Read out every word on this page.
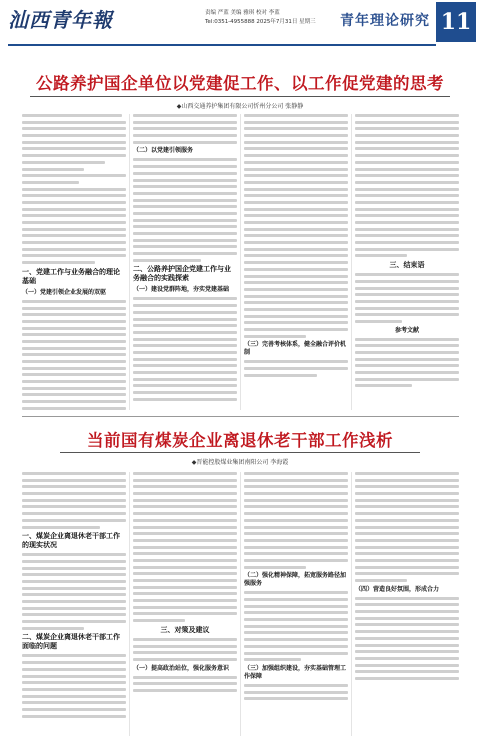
汕西青年報	责编 严蓝 美编 雅琪 校对 李蓝
Tel:0351-4955888 2025年7月31日 星期三 青年理论研究 11
公路养护国企单位以党建促工作、以工作促党建的思考
◆山西交通养护集团有限公司忻州分公司 张静静
一、党建工作与业务融合的理论基础
（一）党建引领企业发展的双驱
（二）以党建引领服务
二、公路养护国企党建工作与业务融合的实践探索
（一）建设党群阵地，夯实党建基础
（三）完善考核体系，健全融合评价机制
三、结束语
参考文献
当前国有煤炭企业离退休老干部工作浅析
◆晋能控股煤业集团南阳公司 李海霞
一、煤炭企业离退休老干部工作的现实状况
二、煤炭企业离退休老干部工作面临的问题
三、对策及建议
（一）提高政治站位，强化服务意识
（二）强化精神保障，拓宽服务路径加强服务
（三）加强组织建设，夯实基础管理工作保障
（四）营造良好氛围，形成合力
